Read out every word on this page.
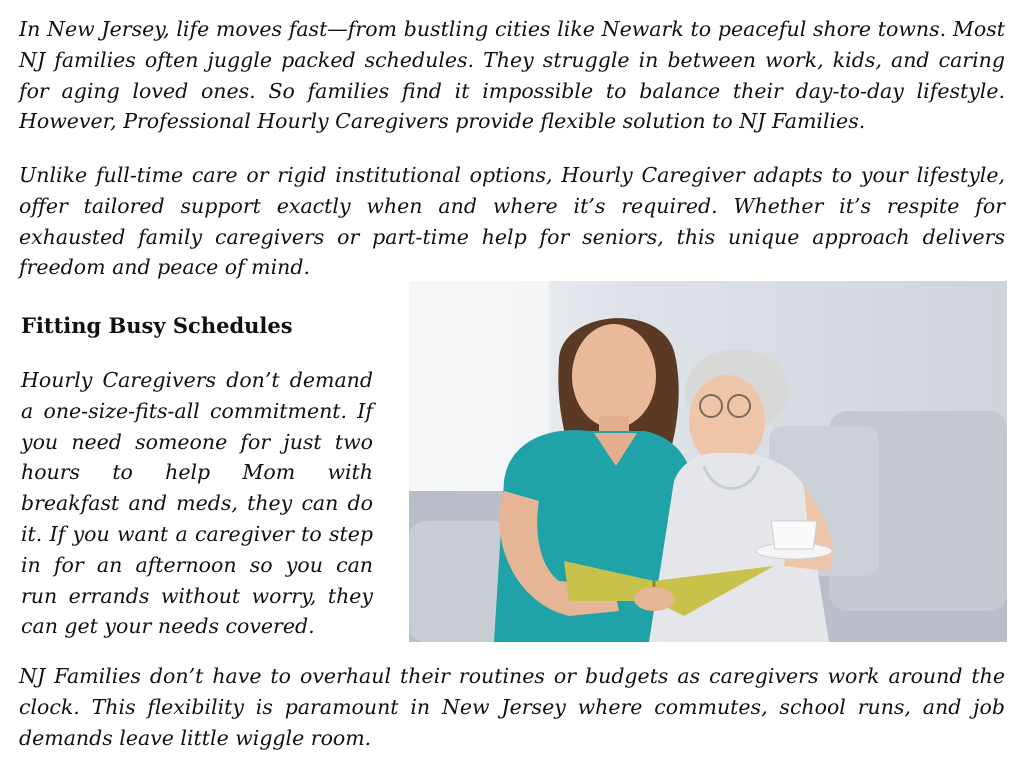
In New Jersey, life moves fast—from bustling cities like Newark to peaceful shore towns. Most NJ families often juggle packed schedules. They struggle in between work, kids, and caring for aging loved ones. So families find it impossible to balance their day-to-day lifestyle. However, Professional Hourly Caregivers provide flexible solution to NJ Families.

Unlike full-time care or rigid institutional options, Hourly Caregiver adapts to your lifestyle, offer tailored support exactly when and where it’s required. Whether it’s respite for exhausted family caregivers or part-time help for seniors, this unique approach delivers freedom and peace of mind.

Fitting Busy Schedules

Hourly Caregivers don’t demand a one-size-fits-all commitment. If you need someone for just two hours to help Mom with breakfast and meds, they can do it. If you want a caregiver to step in for an afternoon so you can run errands without worry, they can get your needs covered.

NJ Families don’t have to overhaul their routines or budgets as caregivers work around the clock. This flexibility is paramount in New Jersey where commutes, school runs, and job demands leave little wiggle room.
